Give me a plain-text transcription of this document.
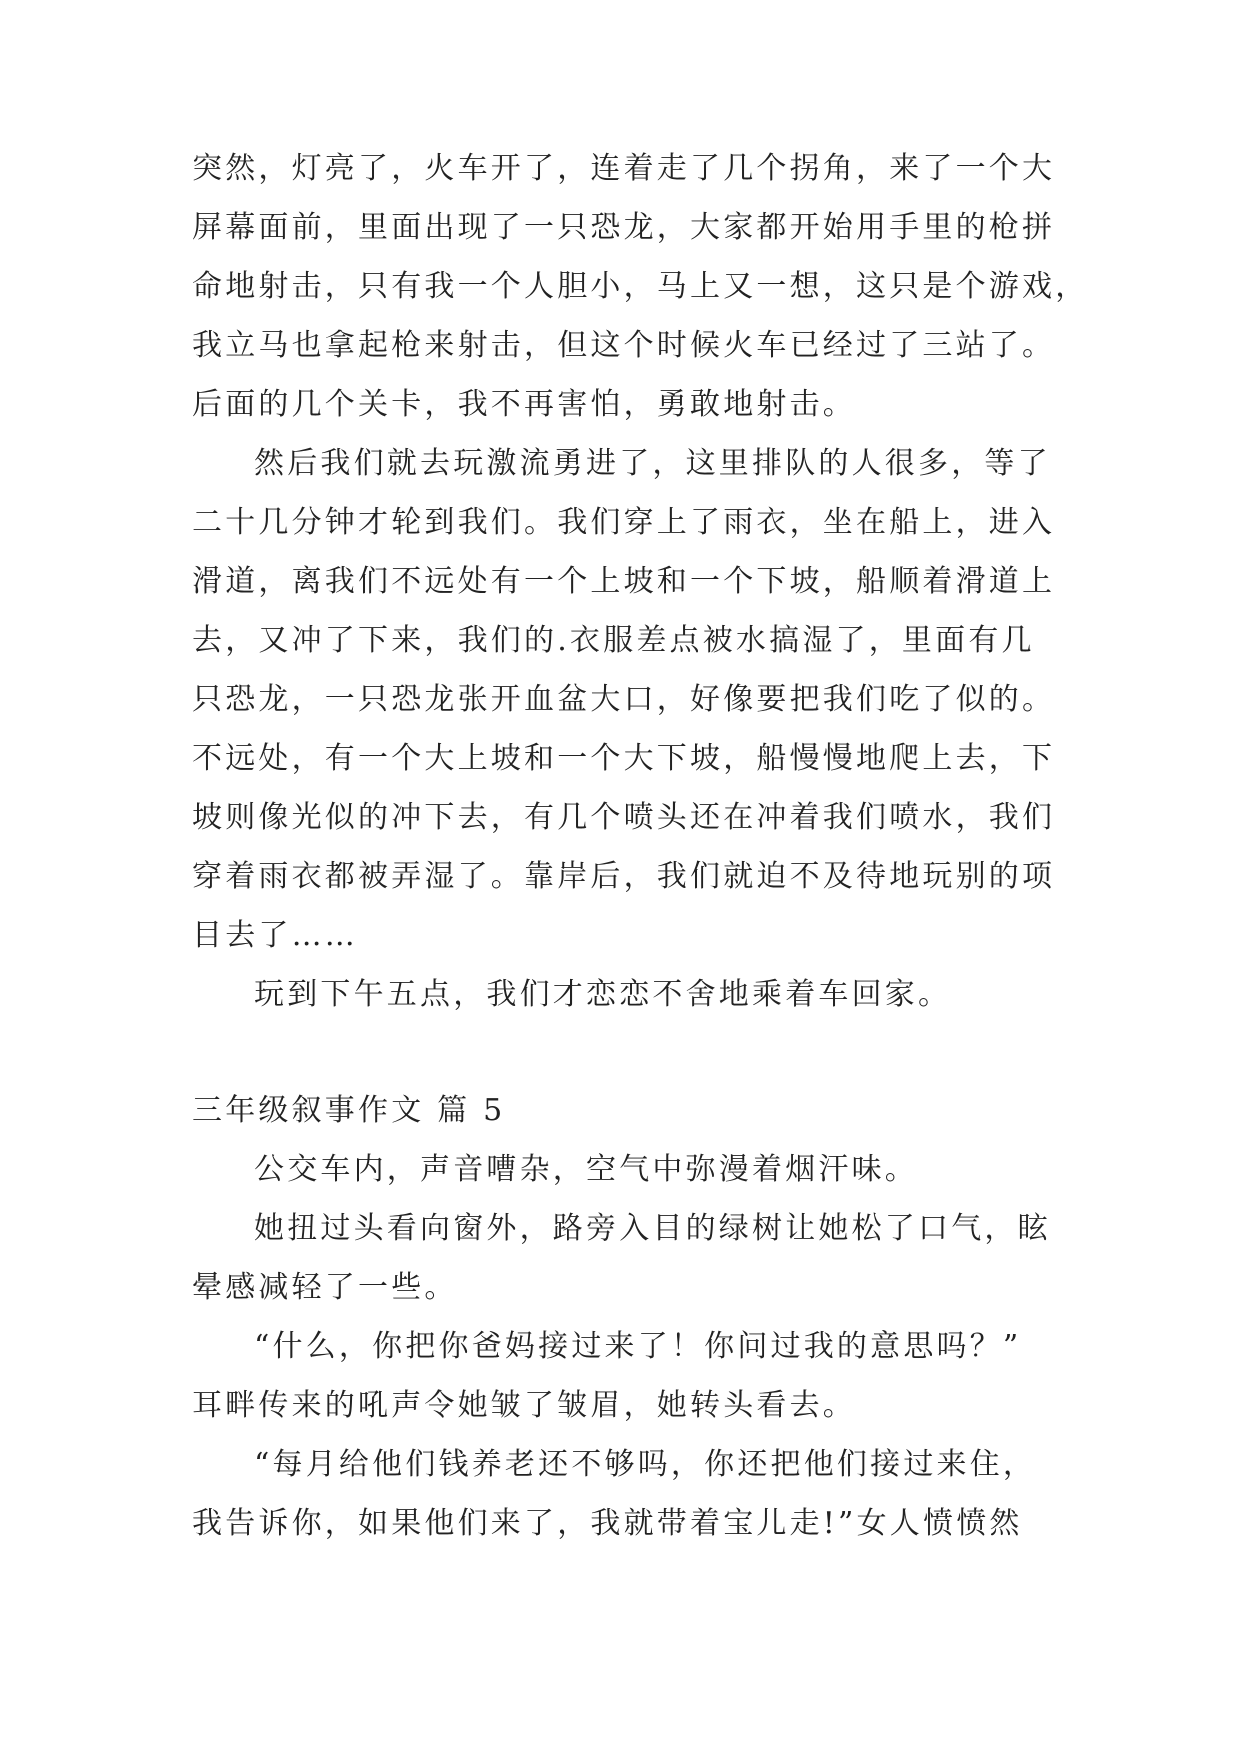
突然，灯亮了，火车开了，连着走了几个拐角，来了一个大
屏幕面前，里面出现了一只恐龙，大家都开始用手里的枪拼
命地射击，只有我一个人胆小，马上又一想，这只是个游戏，
我立马也拿起枪来射击，但这个时候火车已经过了三站了。
后面的几个关卡，我不再害怕，勇敢地射击。
然后我们就去玩激流勇进了，这里排队的人很多，等了
二十几分钟才轮到我们。我们穿上了雨衣，坐在船上，进入
滑道，离我们不远处有一个上坡和一个下坡，船顺着滑道上
去，又冲了下来，我们的.衣服差点被水搞湿了，里面有几
只恐龙，一只恐龙张开血盆大口，好像要把我们吃了似的。
不远处，有一个大上坡和一个大下坡，船慢慢地爬上去，下
坡则像光似的冲下去，有几个喷头还在冲着我们喷水，我们
穿着雨衣都被弄湿了。靠岸后，我们就迫不及待地玩别的项
目去了……
玩到下午五点，我们才恋恋不舍地乘着车回家。
三年级叙事作文 篇 5
公交车内，声音嘈杂，空气中弥漫着烟汗味。
她扭过头看向窗外，路旁入目的绿树让她松了口气，眩
晕感减轻了一些。
“什么，你把你爸妈接过来了！你问过我的意思吗？”
耳畔传来的吼声令她皱了皱眉，她转头看去。
“每月给他们钱养老还不够吗，你还把他们接过来住，
我告诉你，如果他们来了，我就带着宝儿走!”女人愤愤然
